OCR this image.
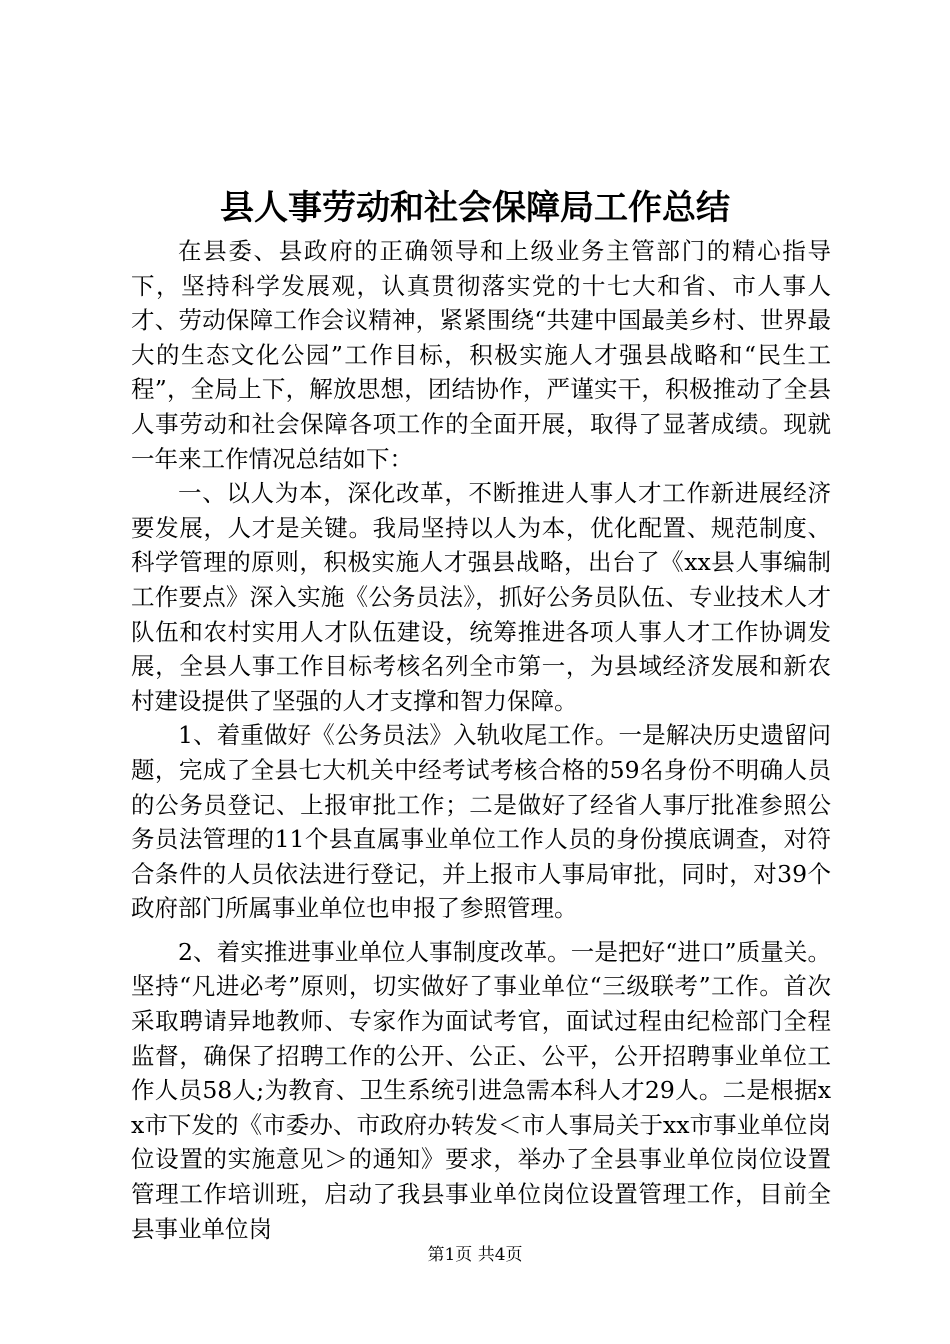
县人事劳动和社会保障局工作总结

在县委、县政府的正确领导和上级业务主管部门的精心指导下，坚持科学发展观，认真贯彻落实党的十七大和省、市人事人才、劳动保障工作会议精神，紧紧围绕“共建中国最美乡村、世界最大的生态文化公园”工作目标，积极实施人才强县战略和“民生工程”，全局上下，解放思想，团结协作，严谨实干，积极推动了全县人事劳动和社会保障各项工作的全面开展，取得了显著成绩。现就一年来工作情况总结如下：

一、以人为本，深化改革，不断推进人事人才工作新进展经济要发展，人才是关键。我局坚持以人为本，优化配置、规范制度、科学管理的原则，积极实施人才强县战略，出台了《xx县人事编制工作要点》深入实施《公务员法》，抓好公务员队伍、专业技术人才队伍和农村实用人才队伍建设，统筹推进各项人事人才工作协调发展，全县人事工作目标考核名列全市第一，为县域经济发展和新农村建设提供了坚强的人才支撑和智力保障。

1、着重做好《公务员法》入轨收尾工作。一是解决历史遗留问题，完成了全县七大机关中经考试考核合格的59名身份不明确人员的公务员登记、上报审批工作；二是做好了经省人事厅批准参照公务员法管理的11个县直属事业单位工作人员的身份摸底调查，对符合条件的人员依法进行登记，并上报市人事局审批，同时，对39个政府部门所属事业单位也申报了参照管理。

2、着实推进事业单位人事制度改革。一是把好“进口”质量关。坚持“凡进必考”原则，切实做好了事业单位“三级联考”工作。首次采取聘请异地教师、专家作为面试考官，面试过程由纪检部门全程监督，确保了招聘工作的公开、公正、公平，公开招聘事业单位工作人员58人;为教育、卫生系统引进急需本科人才29人。二是根据xx市下发的《市委办、市政府办转发＜市人事局关于xx市事业单位岗位设置的实施意见＞的通知》要求，举办了全县事业单位岗位设置管理工作培训班，启动了我县事业单位岗位设置管理工作，目前全县事业单位岗

第1页 共4页
